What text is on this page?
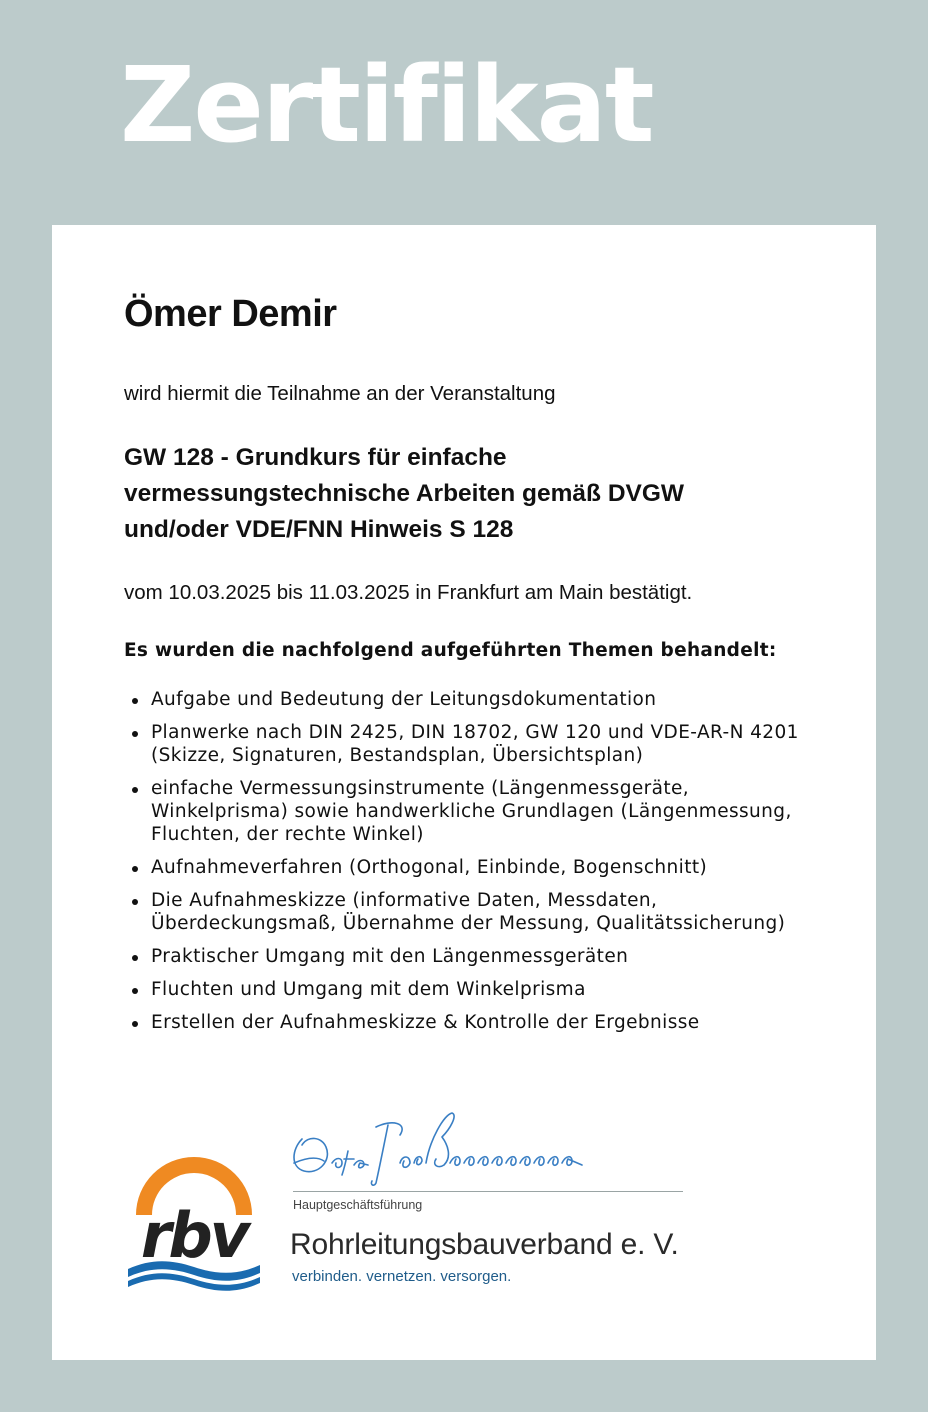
Zertifikat
Ömer Demir
wird hiermit die Teilnahme an der Veranstaltung
GW 128 - Grundkurs für einfache vermessungstechnische Arbeiten gemäß DVGW und/oder VDE/FNN Hinweis S 128
vom 10.03.2025 bis 11.03.2025 in Frankfurt am Main bestätigt.
Es wurden die nachfolgend aufgeführten Themen behandelt:
Aufgabe und Bedeutung der Leitungsdokumentation
Planwerke nach DIN 2425, DIN 18702, GW 120 und VDE-AR-N 4201 (Skizze, Signaturen, Bestandsplan, Übersichtsplan)
einfache Vermessungsinstrumente (Längenmessgeräte, Winkelprisma) sowie handwerkliche Grundlagen (Längenmessung, Fluchten, der rechte Winkel)
Aufnahmeverfahren (Orthogonal, Einbinde, Bogenschnitt)
Die Aufnahmeskizze (informative Daten, Messdaten, Überdeckungsmaß, Übernahme der Messung, Qualitätssicherung)
Praktischer Umgang mit den Längenmessgeräten
Fluchten und Umgang mit dem Winkelprisma
Erstellen der Aufnahmeskizze & Kontrolle der Ergebnisse
Hauptgeschäftsführung
rbv Rohrleitungsbauverband e. V.
verbinden. vernetzen. versorgen.
